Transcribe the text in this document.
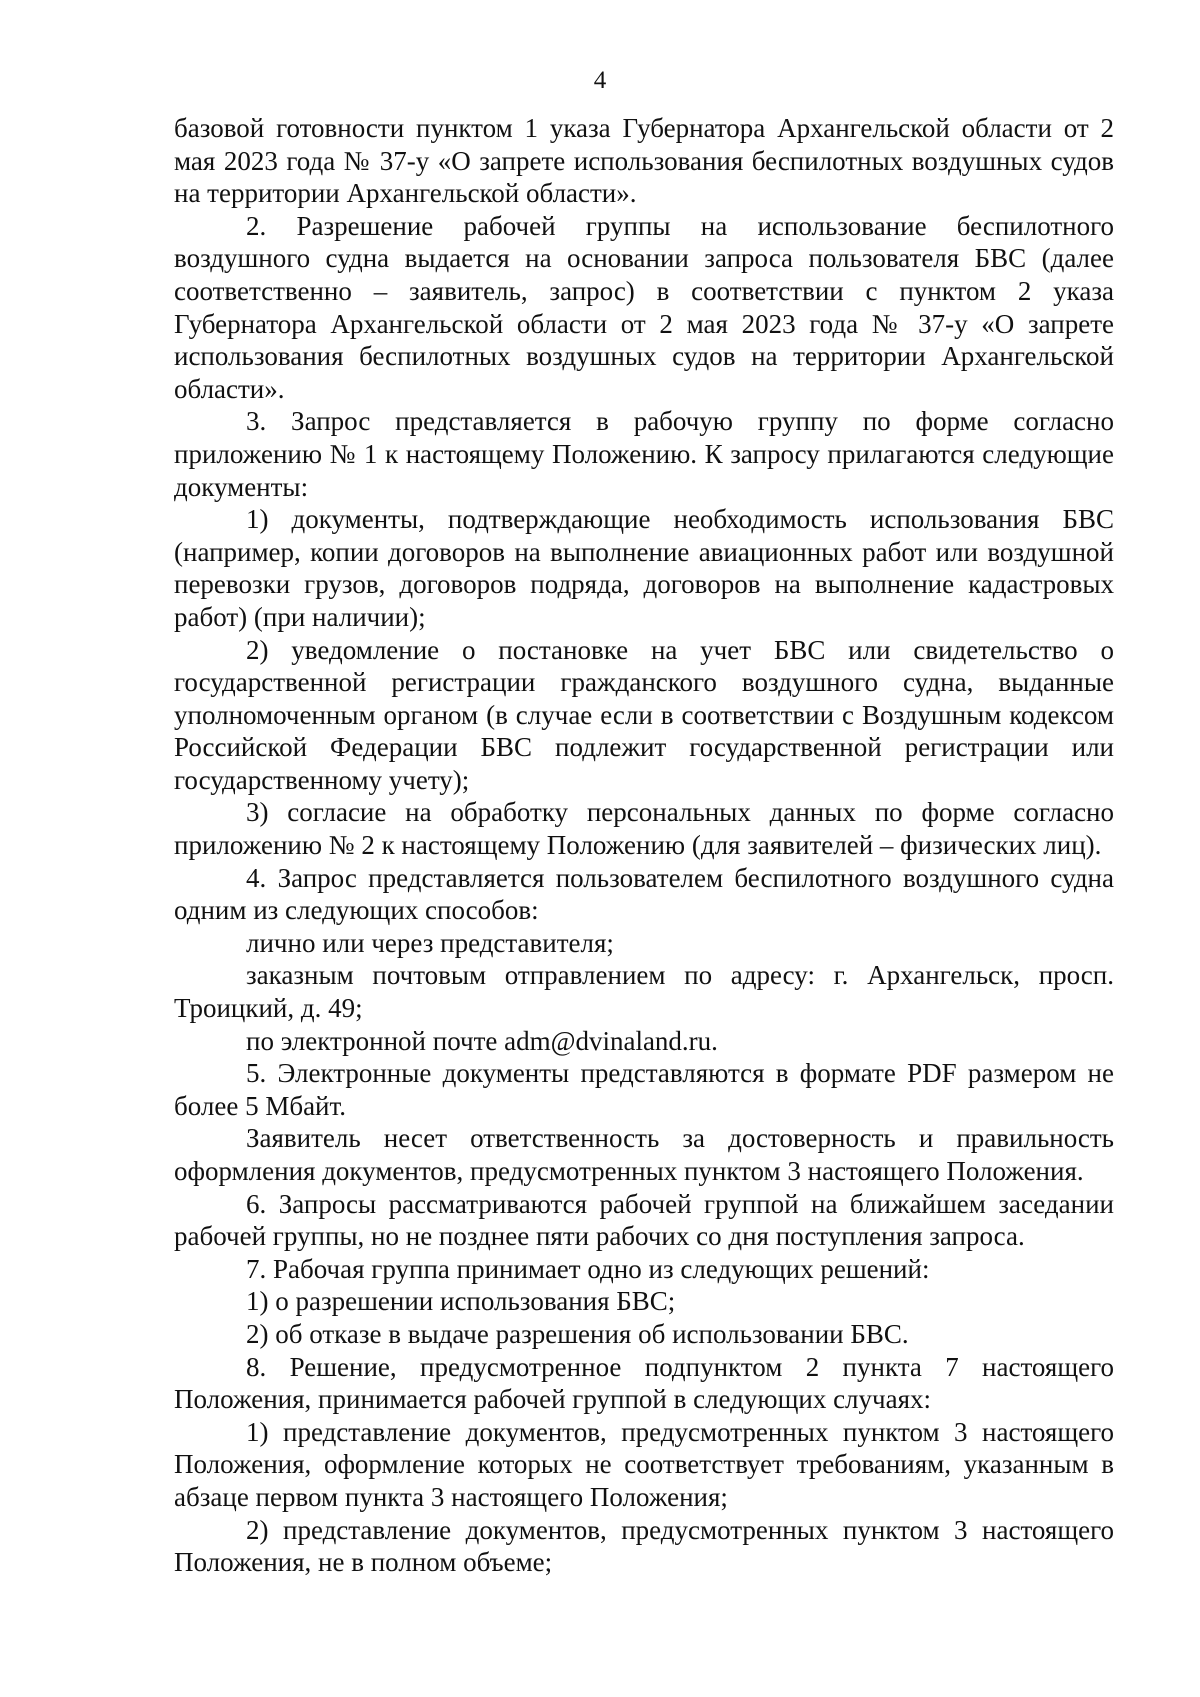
4

базовой готовности пунктом 1 указа Губернатора Архангельской области от 2 мая 2023 года № 37-у «О запрете использования беспилотных воздушных судов на территории Архангельской области».

2. Разрешение рабочей группы на использование беспилотного воздушного судна выдается на основании запроса пользователя БВС (далее соответственно – заявитель, запрос) в соответствии с пунктом 2 указа Губернатора Архангельской области от 2 мая 2023 года № 37-у «О запрете использования беспилотных воздушных судов на территории Архангельской области».

3. Запрос представляется в рабочую группу по форме согласно приложению № 1 к настоящему Положению. К запросу прилагаются следующие документы:

1) документы, подтверждающие необходимость использования БВС (например, копии договоров на выполнение авиационных работ или воздушной перевозки грузов, договоров подряда, договоров на выполнение кадастровых работ) (при наличии);

2) уведомление о постановке на учет БВС или свидетельство о государственной регистрации гражданского воздушного судна, выданные уполномоченным органом (в случае если в соответствии с Воздушным кодексом Российской Федерации БВС подлежит государственной регистрации или государственному учету);

3) согласие на обработку персональных данных по форме согласно приложению № 2 к настоящему Положению (для заявителей – физических лиц).

4. Запрос представляется пользователем беспилотного воздушного судна одним из следующих способов:

лично или через представителя;

заказным почтовым отправлением по адресу: г. Архангельск, просп. Троицкий, д. 49;

по электронной почте adm@dvinaland.ru.

5. Электронные документы представляются в формате PDF размером не более 5 Мбайт.

Заявитель несет ответственность за достоверность и правильность оформления документов, предусмотренных пунктом 3 настоящего Положения.

6. Запросы рассматриваются рабочей группой на ближайшем заседании рабочей группы, но не позднее пяти рабочих со дня поступления запроса.

7. Рабочая группа принимает одно из следующих решений:

1) о разрешении использования БВС;

2) об отказе в выдаче разрешения об использовании БВС.

8. Решение, предусмотренное подпунктом 2 пункта 7 настоящего Положения, принимается рабочей группой в следующих случаях:

1) представление документов, предусмотренных пунктом 3 настоящего Положения, оформление которых не соответствует требованиям, указанным в абзаце первом пункта 3 настоящего Положения;

2) представление документов, предусмотренных пунктом 3 настоящего Положения, не в полном объеме;
